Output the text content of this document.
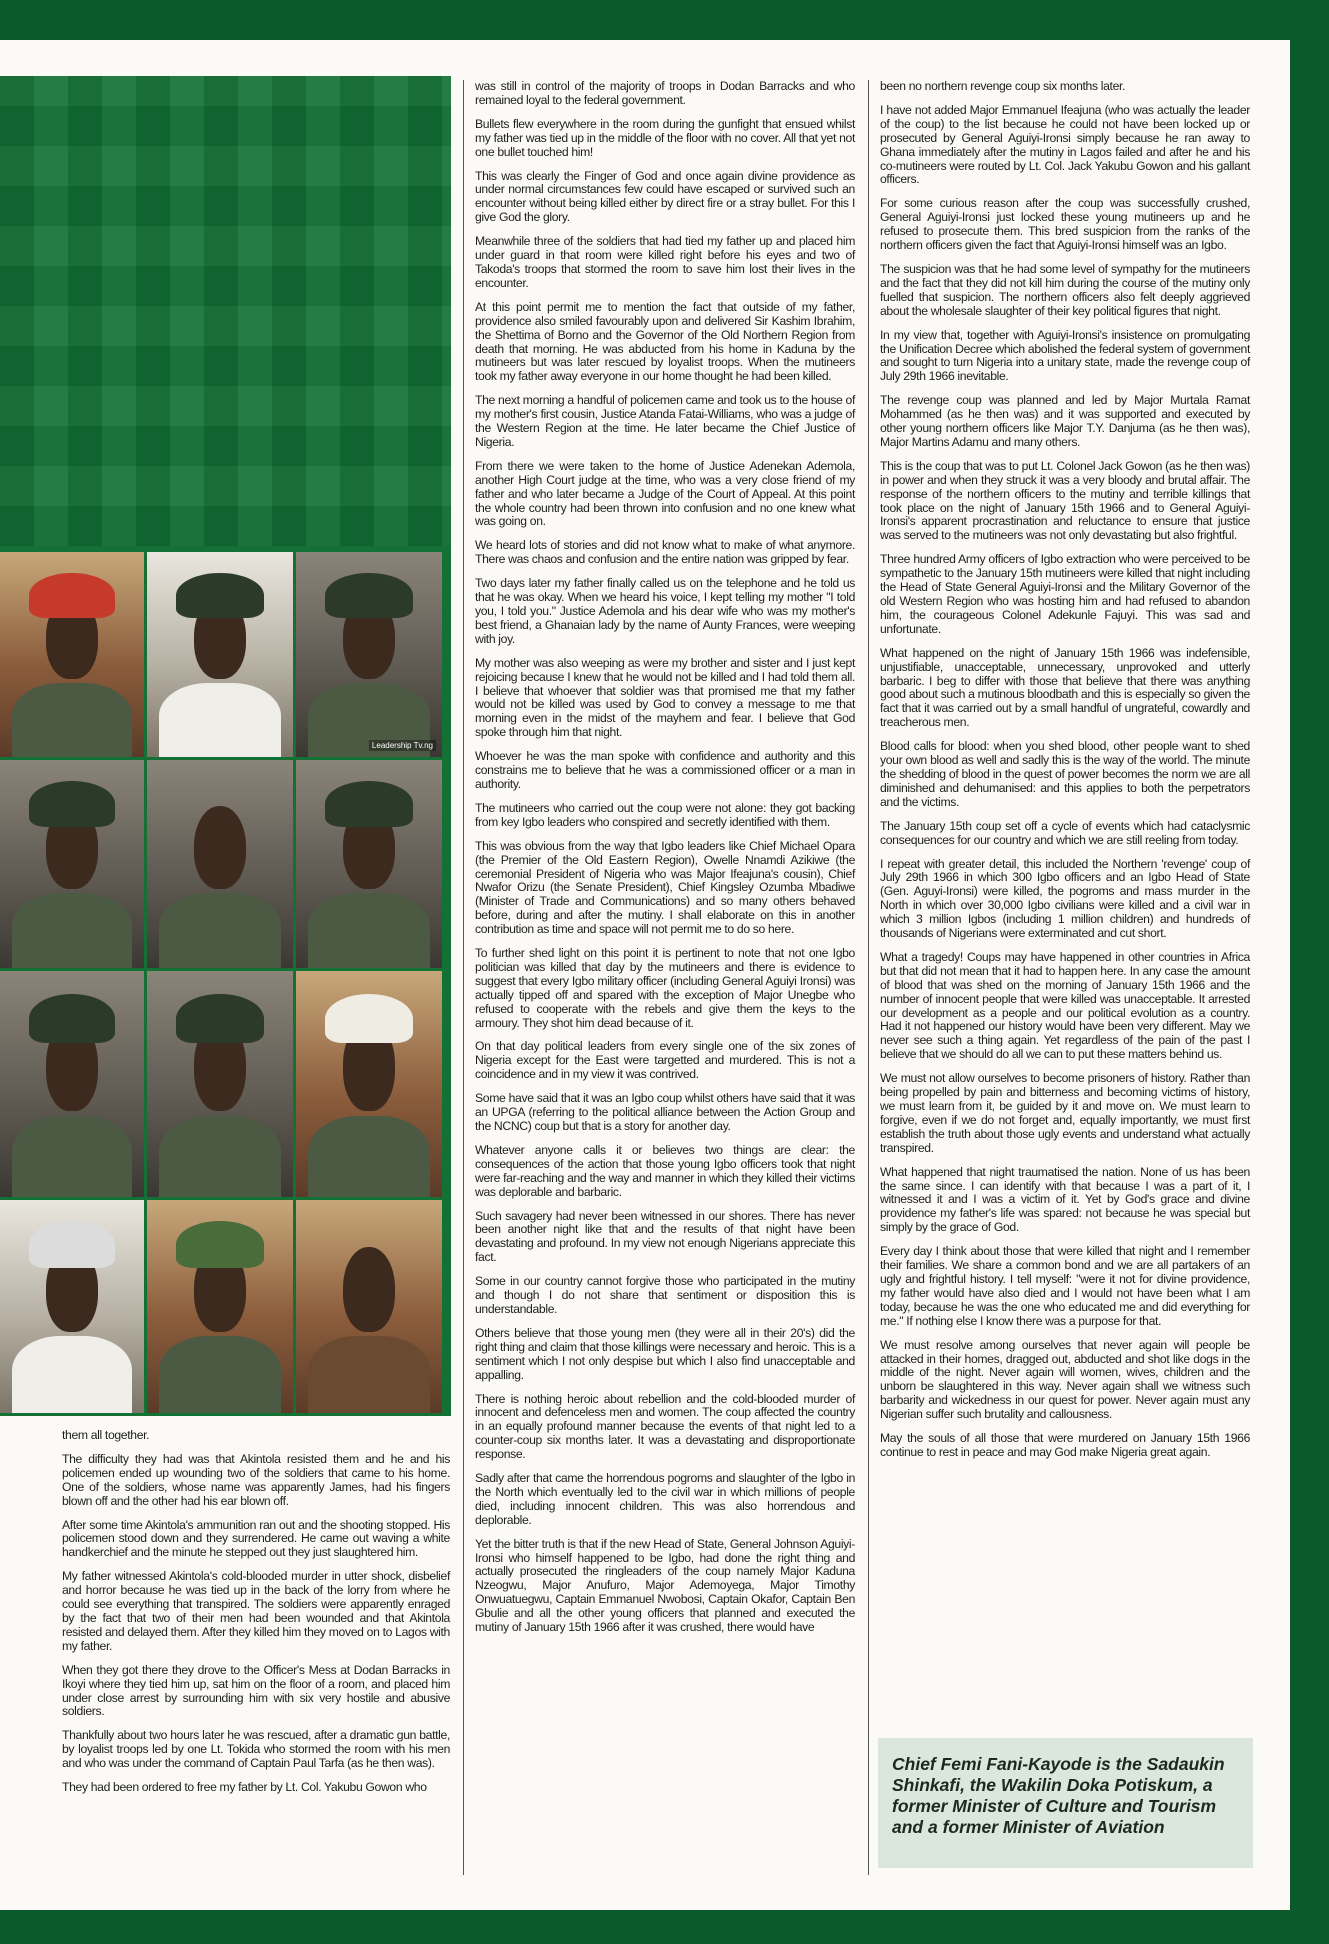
Leadership Tv.ng

them all together.

The difficulty they had was that Akintola resisted them and he and his policemen ended up wounding two of the soldiers that came to his home. One of the soldiers, whose name was apparently James, had his fingers blown off and the other had his ear blown off.

After some time Akintola's ammunition ran out and the shooting stopped. His policemen stood down and they surrendered. He came out waving a white handkerchief and the minute he stepped out they just slaughtered him.

My father witnessed Akintola's cold-blooded murder in utter shock, disbelief and horror because he was tied up in the back of the lorry from where he could see everything that transpired. The soldiers were apparently enraged by the fact that two of their men had been wounded and that Akintola resisted and delayed them. After they killed him they moved on to Lagos with my father.

When they got there they drove to the Officer's Mess at Dodan Barracks in Ikoyi where they tied him up, sat him on the floor of a room, and placed him under close arrest by surrounding him with six very hostile and abusive soldiers.

Thankfully about two hours later he was rescued, after a dramatic gun battle, by loyalist troops led by one Lt. Tokida who stormed the room with his men and who was under the command of Captain Paul Tarfa (as he then was).

They had been ordered to free my father by Lt. Col. Yakubu Gowon who

was still in control of the majority of troops in Dodan Barracks and who remained loyal to the federal government.

Bullets flew everywhere in the room during the gunfight that ensued whilst my father was tied up in the middle of the floor with no cover. All that yet not one bullet touched him!

This was clearly the Finger of God and once again divine providence as under normal circumstances few could have escaped or survived such an encounter without being killed either by direct fire or a stray bullet. For this I give God the glory.

Meanwhile three of the soldiers that had tied my father up and placed him under guard in that room were killed right before his eyes and two of Takoda's troops that stormed the room to save him lost their lives in the encounter.

At this point permit me to mention the fact that outside of my father, providence also smiled favourably upon and delivered Sir Kashim Ibrahim, the Shettima of Borno and the Governor of the Old Northern Region from death that morning. He was abducted from his home in Kaduna by the mutineers but was later rescued by loyalist troops. When the mutineers took my father away everyone in our home thought he had been killed.

The next morning a handful of policemen came and took us to the house of my mother's first cousin, Justice Atanda Fatai-Williams, who was a judge of the Western Region at the time. He later became the Chief Justice of Nigeria.

From there we were taken to the home of Justice Adenekan Ademola, another High Court judge at the time, who was a very close friend of my father and who later became a Judge of the Court of Appeal. At this point the whole country had been thrown into confusion and no one knew what was going on.

We heard lots of stories and did not know what to make of what anymore. There was chaos and confusion and the entire nation was gripped by fear.

Two days later my father finally called us on the telephone and he told us that he was okay. When we heard his voice, I kept telling my mother "I told you, I told you." Justice Ademola and his dear wife who was my mother's best friend, a Ghanaian lady by the name of Aunty Frances, were weeping with joy.

My mother was also weeping as were my brother and sister and I just kept rejoicing because I knew that he would not be killed and I had told them all. I believe that whoever that soldier was that promised me that my father would not be killed was used by God to convey a message to me that morning even in the midst of the mayhem and fear. I believe that God spoke through him that night.

Whoever he was the man spoke with confidence and authority and this constrains me to believe that he was a commissioned officer or a man in authority.

The mutineers who carried out the coup were not alone: they got backing from key Igbo leaders who conspired and secretly identified with them.

This was obvious from the way that Igbo leaders like Chief Michael Opara (the Premier of the Old Eastern Region), Owelle Nnamdi Azikiwe (the ceremonial President of Nigeria who was Major Ifeajuna's cousin), Chief Nwafor Orizu (the Senate President), Chief Kingsley Ozumba Mbadiwe (Minister of Trade and Communications) and so many others behaved before, during and after the mutiny. I shall elaborate on this in another contribution as time and space will not permit me to do so here.

To further shed light on this point it is pertinent to note that not one Igbo politician was killed that day by the mutineers and there is evidence to suggest that every Igbo military officer (including General Aguiyi Ironsi) was actually tipped off and spared with the exception of Major Unegbe who refused to cooperate with the rebels and give them the keys to the armoury. They shot him dead because of it.

On that day political leaders from every single one of the six zones of Nigeria except for the East were targetted and murdered. This is not a coincidence and in my view it was contrived.

Some have said that it was an Igbo coup whilst others have said that it was an UPGA (referring to the political alliance between the Action Group and the NCNC) coup but that is a story for another day.

Whatever anyone calls it or believes two things are clear: the consequences of the action that those young Igbo officers took that night were far-reaching and the way and manner in which they killed their victims was deplorable and barbaric.

Such savagery had never been witnessed in our shores. There has never been another night like that and the results of that night have been devastating and profound. In my view not enough Nigerians appreciate this fact.

Some in our country cannot forgive those who participated in the mutiny and though I do not share that sentiment or disposition this is understandable.

Others believe that those young men (they were all in their 20's) did the right thing and claim that those killings were necessary and heroic. This is a sentiment which I not only despise but which I also find unacceptable and appalling.

There is nothing heroic about rebellion and the cold-blooded murder of innocent and defenceless men and women. The coup affected the country in an equally profound manner because the events of that night led to a counter-coup six months later. It was a devastating and disproportionate response.

Sadly after that came the horrendous pogroms and slaughter of the Igbo in the North which eventually led to the civil war in which millions of people died, including innocent children. This was also horrendous and deplorable.

Yet the bitter truth is that if the new Head of State, General Johnson Aguiyi-Ironsi who himself happened to be Igbo, had done the right thing and actually prosecuted the ringleaders of the coup namely Major Kaduna Nzeogwu, Major Anufuro, Major Ademoyega, Major Timothy Onwuatuegwu, Captain Emmanuel Nwobosi, Captain Okafor, Captain Ben Gbulie and all the other young officers that planned and executed the mutiny of January 15th 1966 after it was crushed, there would have

been no northern revenge coup six months later.

I have not added Major Emmanuel Ifeajuna (who was actually the leader of the coup) to the list because he could not have been locked up or prosecuted by General Aguiyi-Ironsi simply because he ran away to Ghana immediately after the mutiny in Lagos failed and after he and his co-mutineers were routed by Lt. Col. Jack Yakubu Gowon and his gallant officers.

For some curious reason after the coup was successfully crushed, General Aguiyi-Ironsi just locked these young mutineers up and he refused to prosecute them. This bred suspicion from the ranks of the northern officers given the fact that Aguiyi-Ironsi himself was an Igbo.

The suspicion was that he had some level of sympathy for the mutineers and the fact that they did not kill him during the course of the mutiny only fuelled that suspicion. The northern officers also felt deeply aggrieved about the wholesale slaughter of their key political figures that night.

In my view that, together with Aguiyi-Ironsi's insistence on promulgating the Unification Decree which abolished the federal system of government and sought to turn Nigeria into a unitary state, made the revenge coup of July 29th 1966 inevitable.

The revenge coup was planned and led by Major Murtala Ramat Mohammed (as he then was) and it was supported and executed by other young northern officers like Major T.Y. Danjuma (as he then was), Major Martins Adamu and many others.

This is the coup that was to put Lt. Colonel Jack Gowon (as he then was) in power and when they struck it was a very bloody and brutal affair. The response of the northern officers to the mutiny and terrible killings that took place on the night of January 15th 1966 and to General Aguiyi-Ironsi's apparent procrastination and reluctance to ensure that justice was served to the mutineers was not only devastating but also frightful.

Three hundred Army officers of Igbo extraction who were perceived to be sympathetic to the January 15th mutineers were killed that night including the Head of State General Aguiyi-Ironsi and the Military Governor of the old Western Region who was hosting him and had refused to abandon him, the courageous Colonel Adekunle Fajuyi. This was sad and unfortunate.

What happened on the night of January 15th 1966 was indefensible, unjustifiable, unacceptable, unnecessary, unprovoked and utterly barbaric. I beg to differ with those that believe that there was anything good about such a mutinous bloodbath and this is especially so given the fact that it was carried out by a small handful of ungrateful, cowardly and treacherous men.

Blood calls for blood: when you shed blood, other people want to shed your own blood as well and sadly this is the way of the world. The minute the shedding of blood in the quest of power becomes the norm we are all diminished and dehumanised: and this applies to both the perpetrators and the victims.

The January 15th coup set off a cycle of events which had cataclysmic consequences for our country and which we are still reeling from today.

I repeat with greater detail, this included the Northern 'revenge' coup of July 29th 1966 in which 300 Igbo officers and an Igbo Head of State (Gen. Aguyi-Ironsi) were killed, the pogroms and mass murder in the North in which over 30,000 Igbo civilians were killed and a civil war in which 3 million Igbos (including 1 million children) and hundreds of thousands of Nigerians were exterminated and cut short.

What a tragedy! Coups may have happened in other countries in Africa but that did not mean that it had to happen here. In any case the amount of blood that was shed on the morning of January 15th 1966 and the number of innocent people that were killed was unacceptable. It arrested our development as a people and our political evolution as a country. Had it not happened our history would have been very different. May we never see such a thing again. Yet regardless of the pain of the past I believe that we should do all we can to put these matters behind us.

We must not allow ourselves to become prisoners of history. Rather than being propelled by pain and bitterness and becoming victims of history, we must learn from it, be guided by it and move on. We must learn to forgive, even if we do not forget and, equally importantly, we must first establish the truth about those ugly events and understand what actually transpired.

What happened that night traumatised the nation. None of us has been the same since. I can identify with that because I was a part of it, I witnessed it and I was a victim of it. Yet by God's grace and divine providence my father's life was spared: not because he was special but simply by the grace of God.

Every day I think about those that were killed that night and I remember their families. We share a common bond and we are all partakers of an ugly and frightful history. I tell myself: "were it not for divine providence, my father would have also died and I would not have been what I am today, because he was the one who educated me and did everything for me." If nothing else I know there was a purpose for that.

We must resolve among ourselves that never again will people be attacked in their homes, dragged out, abducted and shot like dogs in the middle of the night. Never again will women, wives, children and the unborn be slaughtered in this way. Never again shall we witness such barbarity and wickedness in our quest for power. Never again must any Nigerian suffer such brutality and callousness.

May the souls of all those that were murdered on January 15th 1966 continue to rest in peace and may God make Nigeria great again.

Chief Femi Fani-Kayode is the Sadaukin Shinkafi, the Wakilin Doka Potiskum, a former Minister of Culture and Tourism and a former Minister of Aviation
